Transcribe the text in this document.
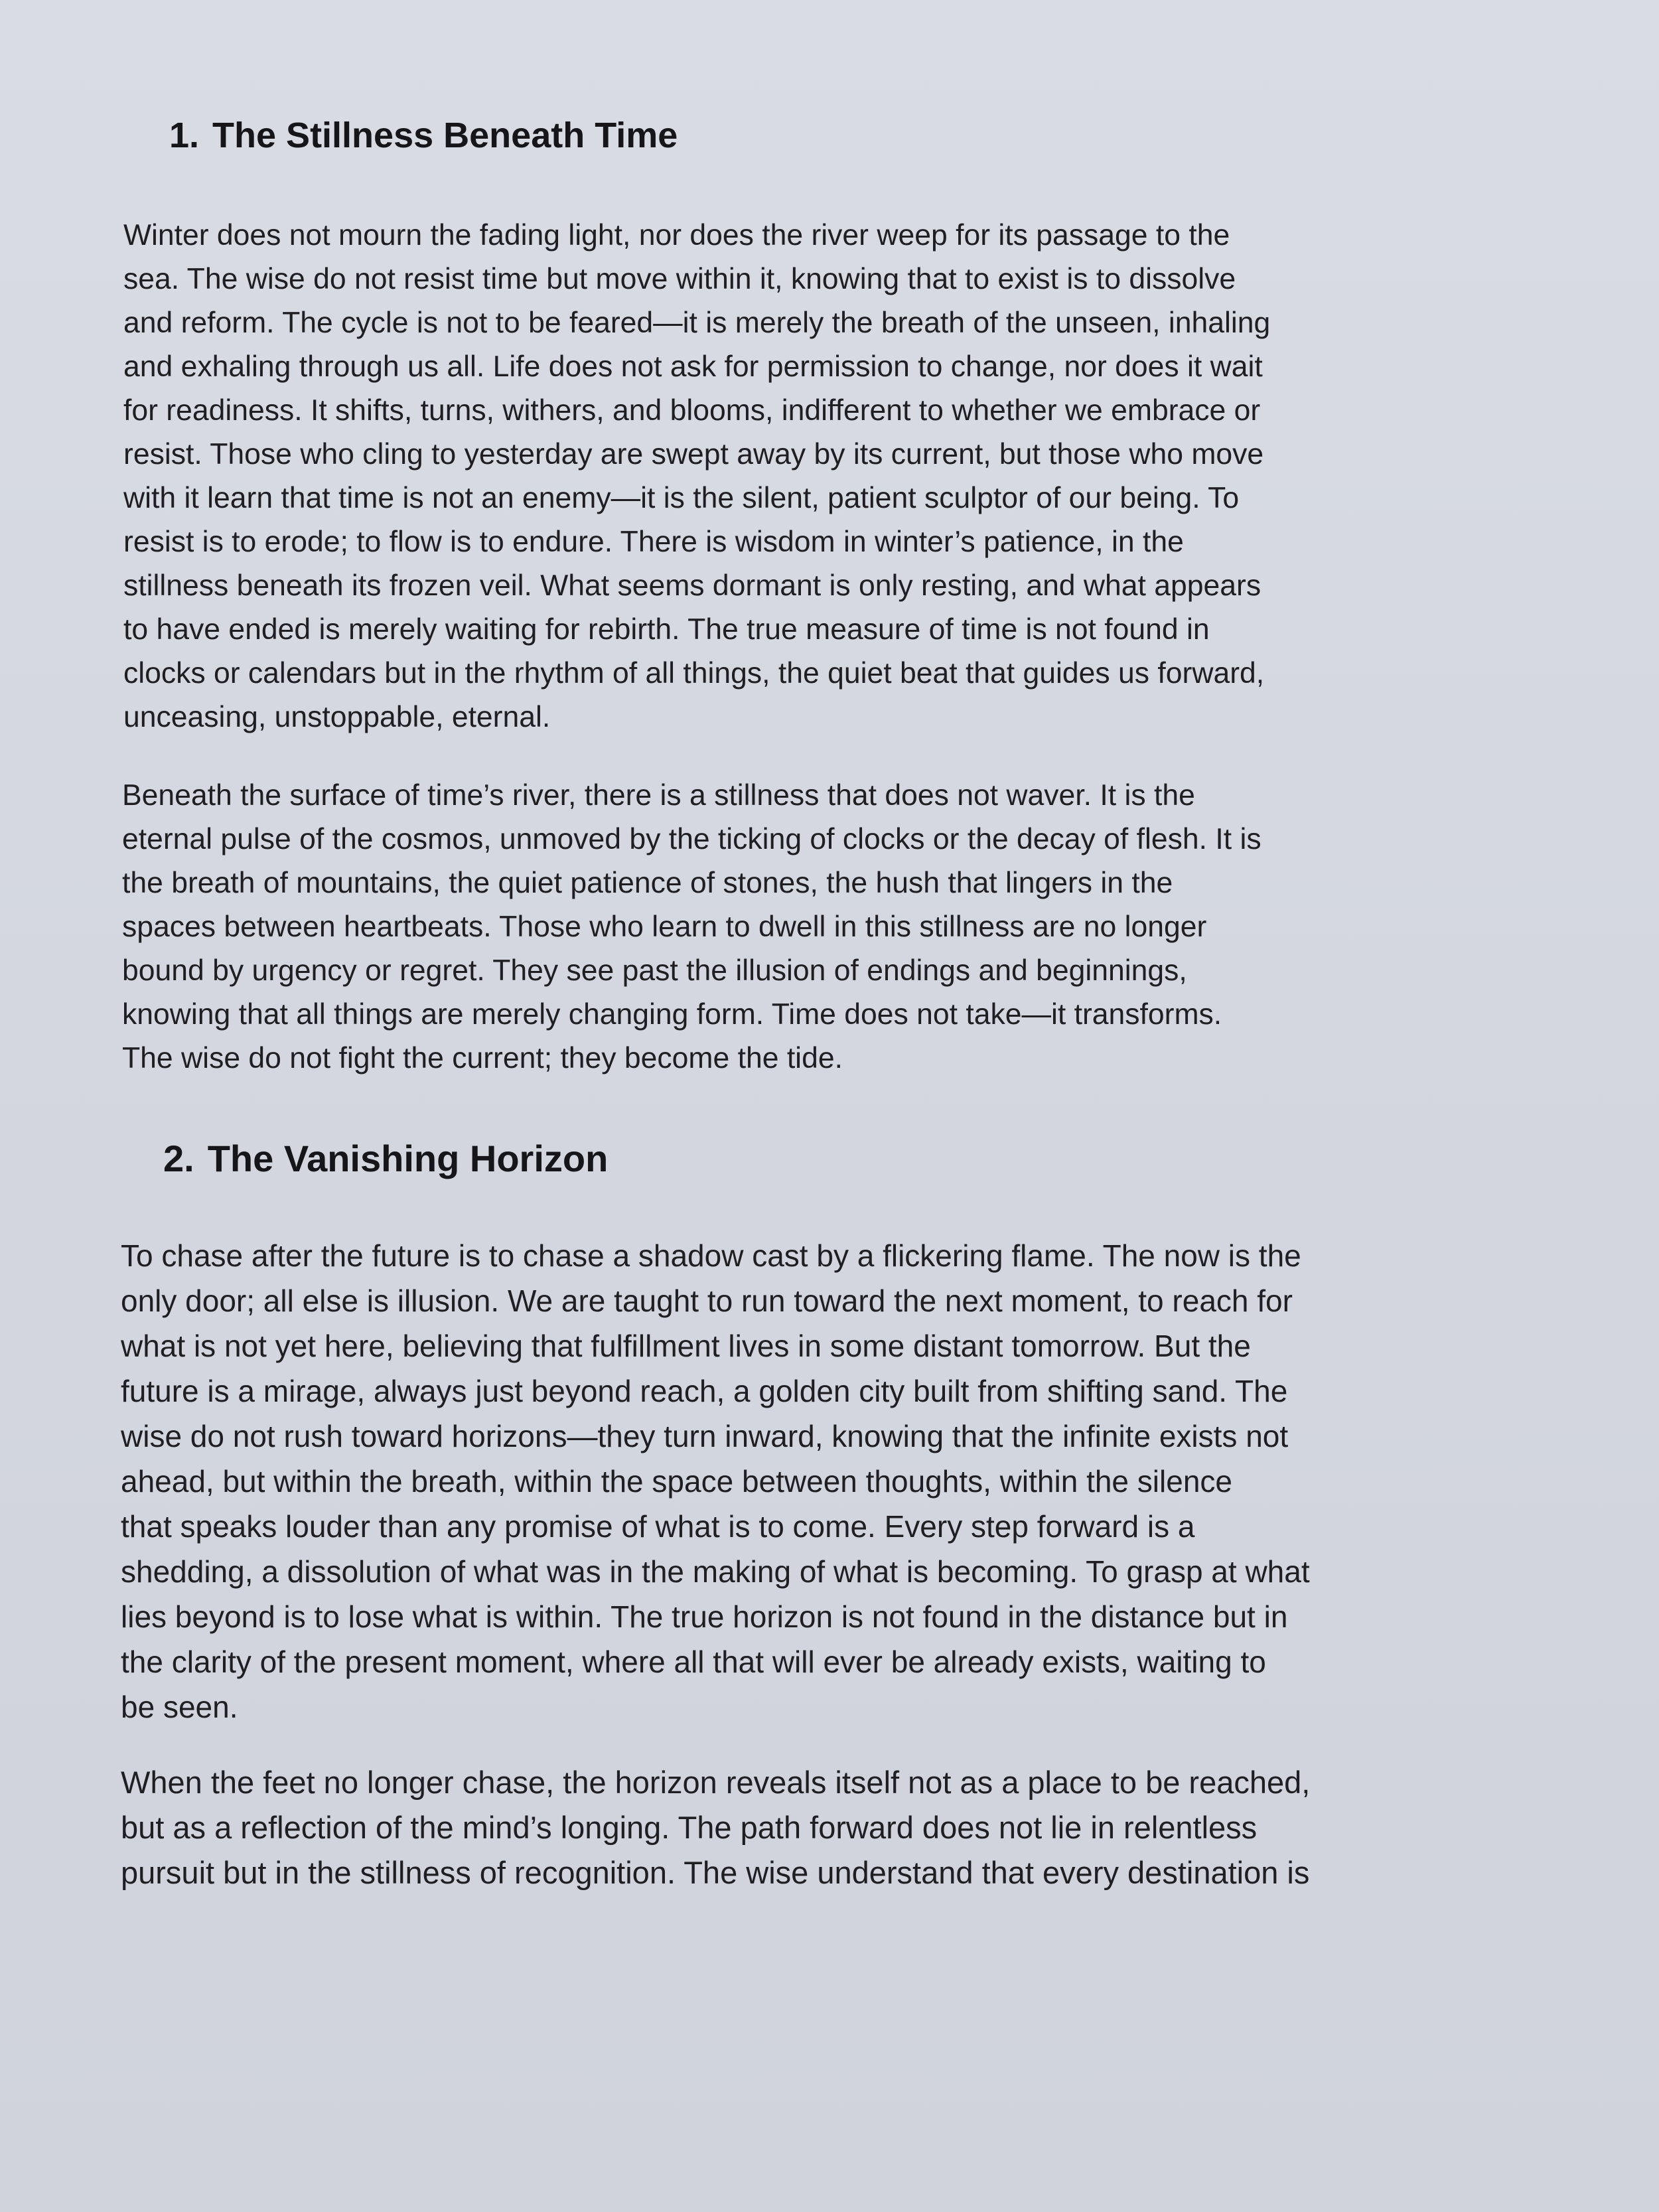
1. The Stillness Beneath Time

Winter does not mourn the fading light, nor does the river weep for its passage to the
sea. The wise do not resist time but move within it, knowing that to exist is to dissolve
and reform. The cycle is not to be feared—it is merely the breath of the unseen, inhaling
and exhaling through us all. Life does not ask for permission to change, nor does it wait
for readiness. It shifts, turns, withers, and blooms, indifferent to whether we embrace or
resist. Those who cling to yesterday are swept away by its current, but those who move
with it learn that time is not an enemy—it is the silent, patient sculptor of our being. To
resist is to erode; to flow is to endure. There is wisdom in winter’s patience, in the
stillness beneath its frozen veil. What seems dormant is only resting, and what appears
to have ended is merely waiting for rebirth. The true measure of time is not found in
clocks or calendars but in the rhythm of all things, the quiet beat that guides us forward,
unceasing, unstoppable, eternal.

Beneath the surface of time’s river, there is a stillness that does not waver. It is the
eternal pulse of the cosmos, unmoved by the ticking of clocks or the decay of flesh. It is
the breath of mountains, the quiet patience of stones, the hush that lingers in the
spaces between heartbeats. Those who learn to dwell in this stillness are no longer
bound by urgency or regret. They see past the illusion of endings and beginnings,
knowing that all things are merely changing form. Time does not take—it transforms.
The wise do not fight the current; they become the tide.

2. The Vanishing Horizon

To chase after the future is to chase a shadow cast by a flickering flame. The now is the
only door; all else is illusion. We are taught to run toward the next moment, to reach for
what is not yet here, believing that fulfillment lives in some distant tomorrow. But the
future is a mirage, always just beyond reach, a golden city built from shifting sand. The
wise do not rush toward horizons—they turn inward, knowing that the infinite exists not
ahead, but within the breath, within the space between thoughts, within the silence
that speaks louder than any promise of what is to come. Every step forward is a
shedding, a dissolution of what was in the making of what is becoming. To grasp at what
lies beyond is to lose what is within. The true horizon is not found in the distance but in
the clarity of the present moment, where all that will ever be already exists, waiting to
be seen.

When the feet no longer chase, the horizon reveals itself not as a place to be reached,
but as a reflection of the mind’s longing. The path forward does not lie in relentless
pursuit but in the stillness of recognition. The wise understand that every destination is
